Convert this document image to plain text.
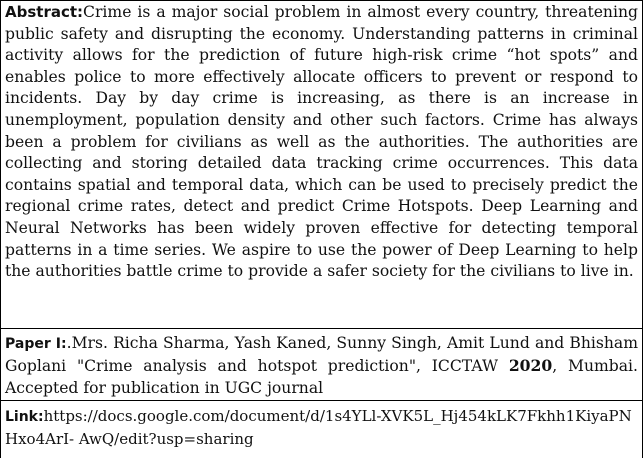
Abstract:Crime is a major social problem in almost every country, threatening public safety and disrupting the economy. Understanding patterns in criminal activity allows for the prediction of future high-risk crime “hot spots” and enables police to more effectively allocate officers to prevent or respond to incidents. Day by day crime is increasing, as there is an increase in unemployment, population density and other such factors. Crime has always been a problem for civilians as well as the authorities. The authorities are collecting and storing detailed data tracking crime occurrences. This data contains spatial and temporal data, which can be used to precisely predict the regional crime rates, detect and predict Crime Hotspots. Deep Learning and Neural Networks has been widely proven effective for detecting temporal patterns in a time series. We aspire to use the power of Deep Learning to help the authorities battle crime to provide a safer society for the civilians to live in.
Paper I:.Mrs. Richa Sharma, Yash Kaned, Sunny Singh, Amit Lund and Bhisham Goplani "Crime analysis and hotspot prediction", ICCTAW 2020, Mumbai. Accepted for publication in UGC journal
Link:https://docs.google.com/document/d/1s4YLl-XVK5L_Hj454kLK7Fkhh1KiyaPNHxo4ArI- AwQ/edit?usp=sharing
